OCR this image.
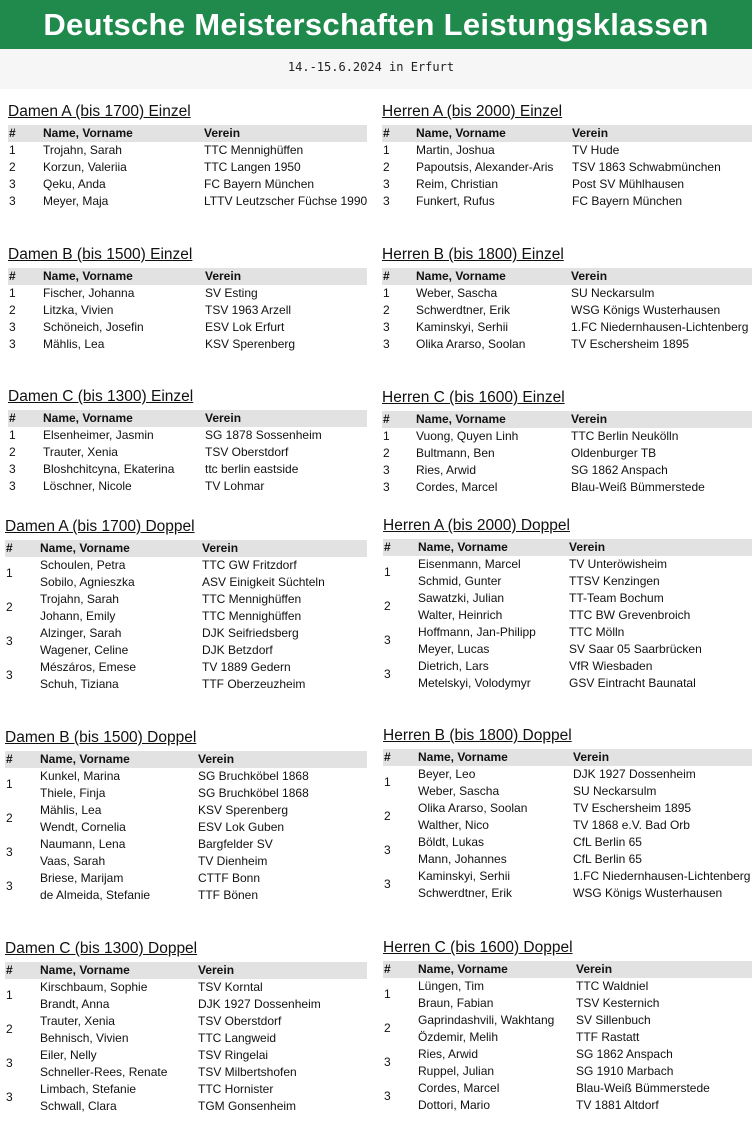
Deutsche Meisterschaften Leistungsklassen
14.-15.6.2024 in Erfurt
Damen A (bis 1700) Einzel
# Name, Vorname	Verein
1 Trojahn, Sarah	TTC Mennighüffen
2 Korzun, Valeriia	TTC Langen 1950
3 Qeku, Anda	FC Bayern München
3 Meyer, Maja	LTTV Leutzscher Füchse 1990
Herren A (bis 2000) Einzel
# Name, Vorname	Verein
1 Martin, Joshua	TV Hude
2 Papoutsis, Alexander-Aris TSV 1863 Schwabmünchen
3 Reim, Christian	Post SV Mühlhausen
3 Funkert, Rufus	FC Bayern München
Damen B (bis 1500) Einzel
# Name, Vorname	Verein
1 Fischer, Johanna	SV Esting
2 Litzka, Vivien	TSV 1963 Arzell
3 Schöneich, Josefin	ESV Lok Erfurt
3 Mählis, Lea	KSV Sperenberg
Herren B (bis 1800) Einzel
# Name, Vorname	Verein
1 Weber, Sascha	SU Neckarsulm
2 Schwerdtner, Erik	WSG Königs Wusterhausen
3 Kaminskyi, Serhii	1.FC Niedernhausen-Lichtenberg
3 Olika Ararso, Soolan	TV Eschersheim 1895
Damen C (bis 1300) Einzel
# Name, Vorname	Verein
1 Elsenheimer, Jasmin	SG 1878 Sossenheim
2 Trauter, Xenia	TSV Oberstdorf
3 Bloshchitcyna, Ekaterina	ttc berlin eastside
3 Löschner, Nicole	TV Lohmar
Herren C (bis 1600) Einzel
# Name, Vorname	Verein
1 Vuong, Quyen Linh	TTC Berlin Neukölln
2 Bultmann, Ben	Oldenburger TB
3 Ries, Arwid	SG 1862 Anspach
3 Cordes, Marcel	Blau-Weiß Bümmerstede
Damen A (bis 1700) Doppel
# Name, Vorname	Verein
1
Schoulen, Petra	TTC GW Fritzdorf
Sobilo, Agnieszka	ASV Einigkeit Süchteln
2
Trojahn, Sarah	TTC Mennighüffen
Johann, Emily	TTC Mennighüffen
3
Alzinger, Sarah	DJK Seifriedsberg
Wagener, Celine	DJK Betzdorf
3
Mészáros, Emese	TV 1889 Gedern
Schuh, Tiziana	TTF Oberzeuzheim
Herren A (bis 2000) Doppel
# Name, Vorname	Verein
1
Eisenmann, Marcel	TV Unteröwisheim
Schmid, Gunter	TTSV Kenzingen
2
Sawatzki, Julian	TT-Team Bochum
Walter, Heinrich	TTC BW Grevenbroich
3
Hoffmann, Jan-Philipp	TTC Mölln
Meyer, Lucas	SV Saar 05 Saarbrücken
3
Dietrich, Lars	VfR Wiesbaden
Metelskyi, Volodymyr	GSV Eintracht Baunatal
Damen B (bis 1500) Doppel
# Name, Vorname	Verein
1
Kunkel, Marina	SG Bruchköbel 1868
Thiele, Finja	SG Bruchköbel 1868
2
Mählis, Lea	KSV Sperenberg
Wendt, Cornelia	ESV Lok Guben
3
Naumann, Lena	Bargfelder SV
Vaas, Sarah	TV Dienheim
3
Briese, Marijam	CTTF Bonn
de Almeida, Stefanie	TTF Bönen
Herren B (bis 1800) Doppel
# Name, Vorname	Verein
1
Beyer, Leo	DJK 1927 Dossenheim
Weber, Sascha	SU Neckarsulm
2
Olika Ararso, Soolan	TV Eschersheim 1895
Walther, Nico	TV 1868 e.V. Bad Orb
3
Böldt, Lukas	CfL Berlin 65
Mann, Johannes	CfL Berlin 65
3
Kaminskyi, Serhii	1.FC Niedernhausen-Lichtenberg
Schwerdtner, Erik	WSG Königs Wusterhausen
Damen C (bis 1300) Doppel
# Name, Vorname	Verein
1
Kirschbaum, Sophie	TSV Korntal
Brandt, Anna	DJK 1927 Dossenheim
2
Trauter, Xenia	TSV Oberstdorf
Behnisch, Vivien	TTC Langweid
3
Eiler, Nelly	TSV Ringelai
Schneller-Rees, Renate	TSV Milbertshofen
3
Limbach, Stefanie	TTC Hornister
Schwall, Clara	TGM Gonsenheim
Herren C (bis 1600) Doppel
# Name, Vorname	Verein
1
Lüngen, Tim	TTC Waldniel
Braun, Fabian	TSV Kesternich
2
Gaprindashvili, Wakhtang SV Sillenbuch
Özdemir, Melih	TTF Rastatt
3
Ries, Arwid	SG 1862 Anspach
Ruppel, Julian	SG 1910 Marbach
3
Cordes, Marcel	Blau-Weiß Bümmerstede
Dottori, Mario	TV 1881 Altdorf
